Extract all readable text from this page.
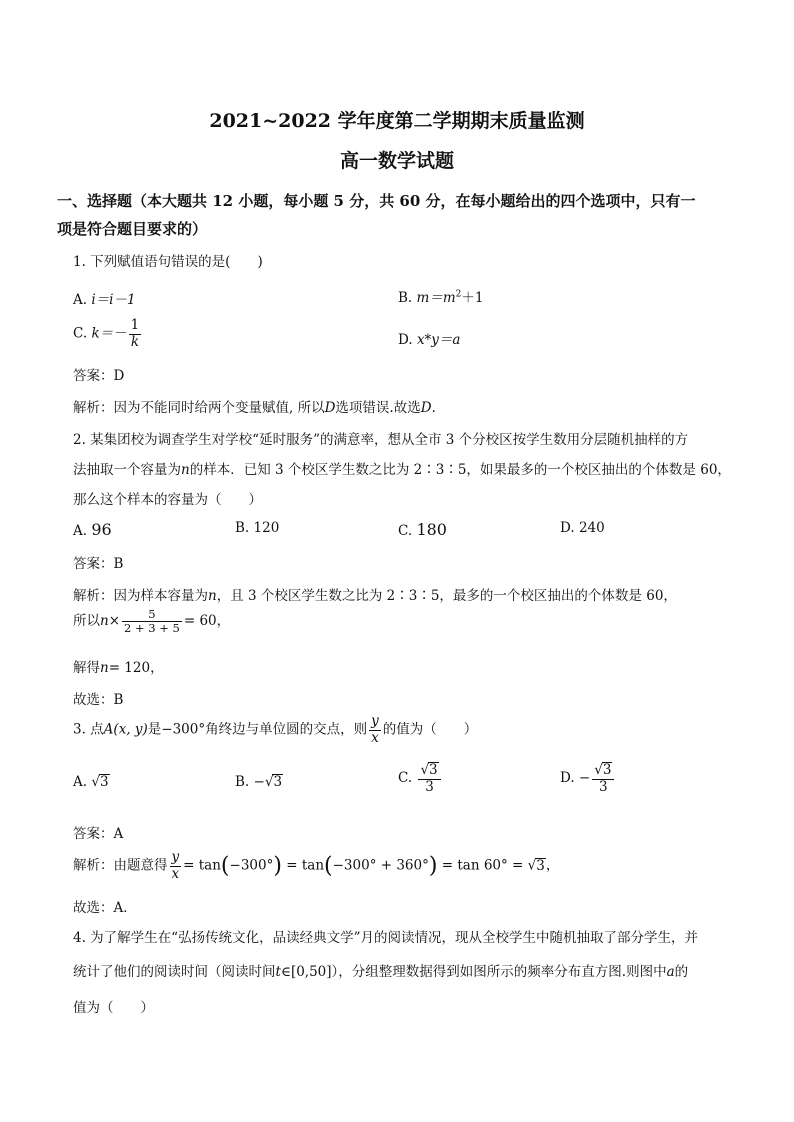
2021~2022 学年度第二学期期末质量监测
高一数学试题
一、选择题（本大题共 12 小题，每小题 5 分，共 60 分，在每小题给出的四个选项中，只有一
项是符合题目要求的）
1. 下列赋值语句错误的是(　　)
A. i＝i－1	B. $m=m^2+1$
C. $k=- \frac{1}{k}$	D. x*y＝a
答案：D
解析：因为不能同时给两个变量赋值, 所以D选项错误.故选D.
2. 某集团校为调查学生对学校“延时服务”的满意率，想从全市 3 个分校区按学生数用分层随机抽样的方
法抽取一个容量为n的样本．已知 3 个校区学生数之比为 2∶3∶5，如果最多的一个校区抽出的个体数是 60，
那么这个样本的容量为（　　）
A. 96	B. 120	C. 180	D. 240
答案：B
解析：因为样本容量为n，且 3 个校区学生数之比为 2∶3∶5，最多的一个校区抽出的个体数是 60，
所以$n\times \frac{5}{2 + 3 + 5} = 60$，
解得n= 120，
故选：B
3. 点A(x, y)是−300°角终边与单位圆的交点，则 $\frac{y}{x}$ 的值为（　　）
A. √3	B. −√3	C. $\frac{√3}{3}$	D. − $\frac{√3}{3}$
答案：A
解析：由题意得 $\frac{y}{x} = \tan(-300^\circ) = \tan(-300^\circ + 360^\circ) = \tan 60^\circ = √3$，
故选：A．
4. 为了解学生在“弘扬传统文化，品读经典文学”月的阅读情况，现从全校学生中随机抽取了部分学生，并
统计了他们的阅读时间（阅读时间t∈[0,50]），分组整理数据得到如图所示的频率分布直方图.则图中a的
值为（　　）
